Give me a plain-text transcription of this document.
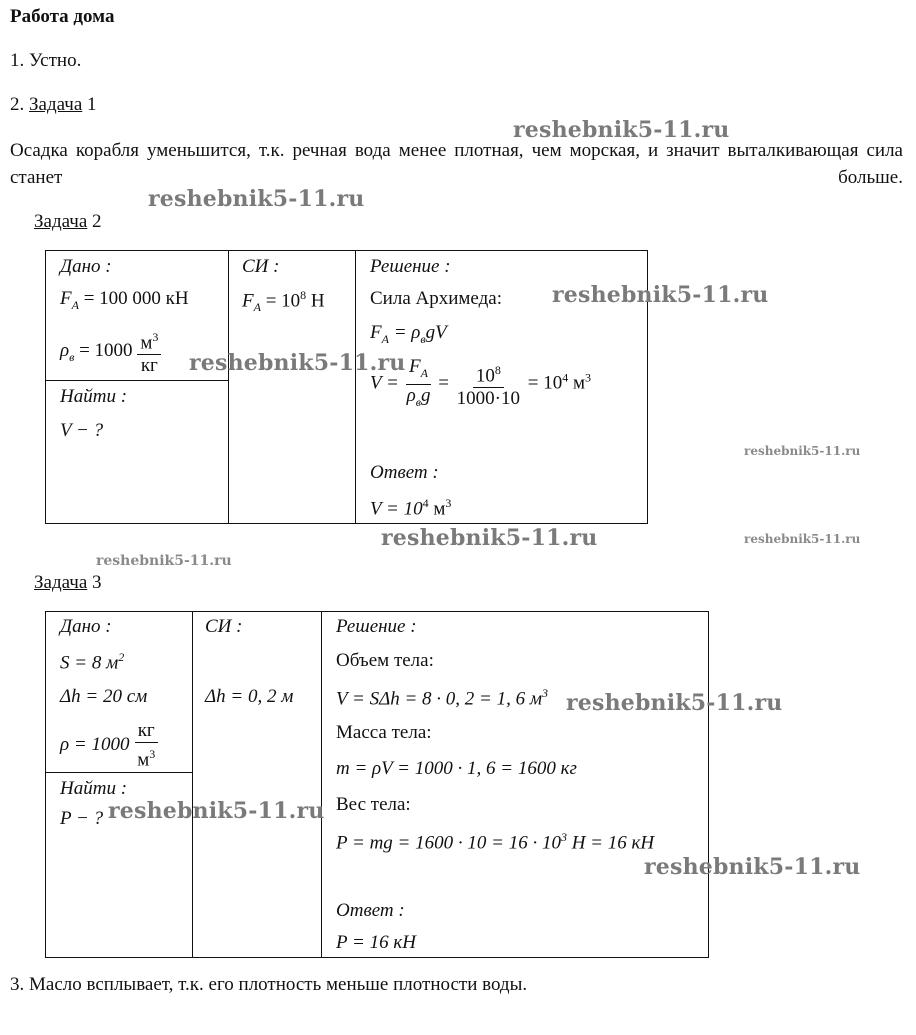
Работа дома
1. Устно.
2. Задача 1
Осадка корабля уменьшится, т.к. речная вода менее плотная, чем морская, и значит выталкивающая сила станет больше.
Задача 2
Дано :
$F_A = 100$ 000 кН
$\rho_в = 1000 \frac{м^3}{кг}$
Найти :
V − ?
СИ :
$F_A = 10^8$ Н
Решение :
Сила Архимеда:
$F_A = \rho_вgV$
$V = \frac{F_A}{\rho_вg} = \frac{10^8}{1000\cdot 10} = 10^4$ $м^3$
Ответ :
$V = 10^4$ $м^3$
Задача 3
Дано :
S = 8 $м^2$
Δh = 20 см
$\rho = 1000 \frac{кг}{м^3}$
Найти :
P − ?
СИ :
Δh = 0, 2 м
Решение :
Объем тела:
V = SΔh = 8 · 0, 2 = 1, 6 $м^3$
Масса тела:
m = ρV = 1000 · 1, 6 = 1600 кг
Вес тела:
P = mg = $1600 \cdot 10 = 16 \cdot 10^3$ Н = 16 кН
Ответ :
P = 16 кН
3. Масло всплывает, т.к. его плотность меньше плотности воды.
reshebnik5-11.ru
reshebnik5-11.ru
reshebnik5-11.ru
reshebnik5-11.ru
reshebnik5-11.ru
reshebnik5-11.ru	reshebnik5-11.ru
reshebnik5-11.ru
reshebnik5-11.ru
reshebnik5-11.ru
reshebnik5-11.ru
